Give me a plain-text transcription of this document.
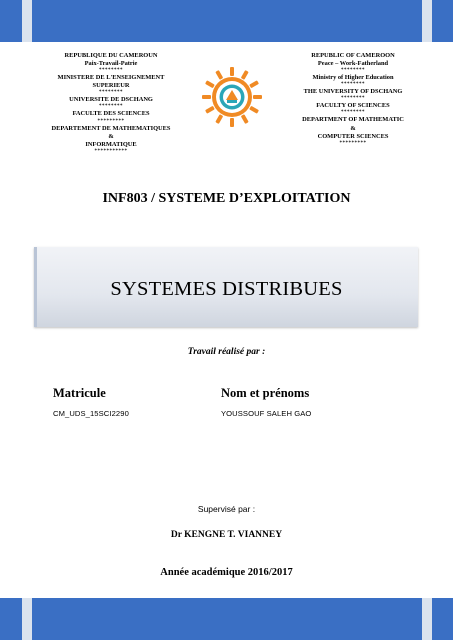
REPUBLIQUE DU CAMEROUN
Paix-Travail-Patrie
********
MINISTERE DE L'ENSEIGNEMENT
SUPERIEUR
********
UNIVERSITE DE DSCHANG
********
FACULTE DES SCIENCES
*********
DEPARTEMENT DE MATHEMATIQUES
&
INFORMATIQUE
***********
REPUBLIC OF CAMEROON
Peace – Work-Fatherland
********
Ministry of Higher Education
********
THE UNIVERSITY OF DSCHANG
********
FACULTY OF SCIENCES
********
DEPARTMENT OF MATHEMATIC
&
COMPUTER SCIENCES
*********
INF803 / SYSTEME D’EXPLOITATION
SYSTEMES DISTRIBUES
Travail réalisé par :
Matricule	Nom et prénoms
CM_UDS_15SCI2290	YOUSSOUF SALEH GAO
Supervisé par :
Dr KENGNE T. VIANNEY
Année académique 2016/2017
